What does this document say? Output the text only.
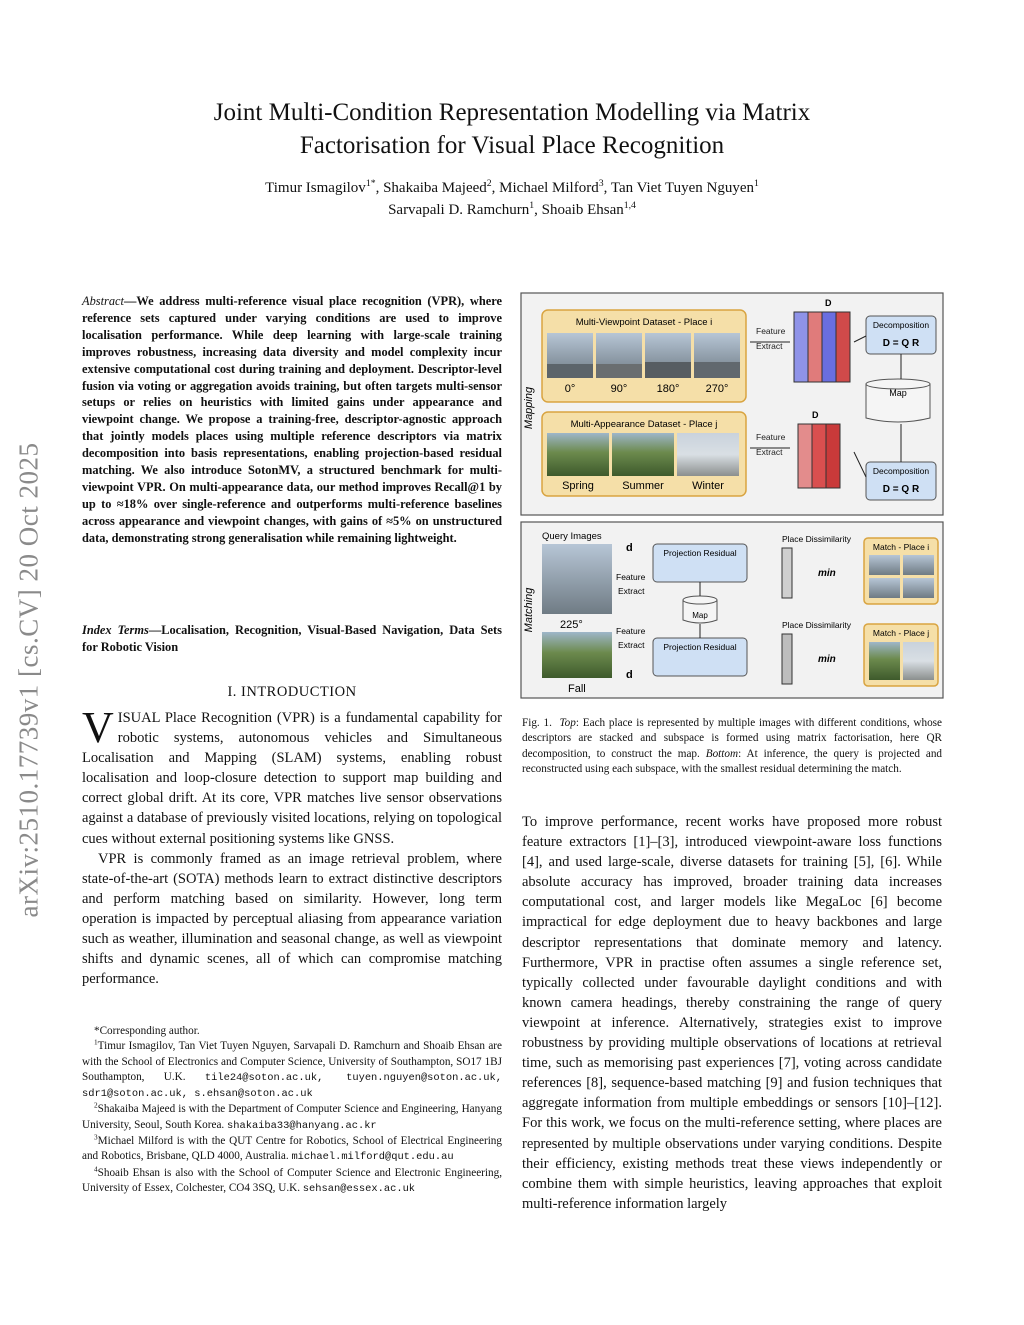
arXiv:2510.17739v1 [cs.CV] 20 Oct 2025
Joint Multi-Condition Representation Modelling via Matrix
Factorisation for Visual Place Recognition
Timur Ismagilov$^{1*}$, Shakaiba Majeed$^2$, Michael Milford$^3$, Tan Viet Tuyen Nguyen$^1$
Sarvapali D. Ramchurn$^1$, Shoaib Ehsan$^{1,4}$
Abstract—We address multi-reference visual place recognition (VPR), where reference sets captured under varying conditions are used to improve localisation performance. While deep learning with large-scale training improves robustness, increasing data diversity and model complexity incur extensive computational cost during training and deployment. Descriptor-level fusion via voting or aggregation avoids training, but often targets multi-sensor setups or relies on heuristics with limited gains under appearance and viewpoint change. We propose a training-free, descriptor-agnostic approach that jointly models places using multiple reference descriptors via matrix decomposition into basis representations, enabling projection-based residual matching. We also introduce SotonMV, a structured benchmark for multi-viewpoint VPR. On multi-appearance data, our method improves Recall@1 by up to ≈18% over single-reference and outperforms multi-reference baselines across appearance and viewpoint changes, with gains of ≈5% on unstructured data, demonstrating strong generalisation while remaining lightweight.
Index Terms—Localisation, Recognition, Visual-Based Navigation, Data Sets for Robotic Vision
I. INTRODUCTION

VISUAL Place Recognition (VPR) is a fundamental capability for robotic systems, autonomous vehicles and Simultaneous Localisation and Mapping (SLAM) systems, enabling robust localisation and loop-closure detection to support map building and correct global drift. At its core, VPR matches live sensor observations against a database of previously visited locations, relying on topological cues without external positioning systems like GNSS.

VPR is commonly framed as an image retrieval problem, where state-of-the-art (SOTA) methods learn to extract distinctive descriptors and perform matching based on similarity. However, long term operation is impacted by perceptual aliasing from appearance variation such as weather, illumination and seasonal change, as well as viewpoint shifts and dynamic scenes, all of which can compromise matching performance.

*Corresponding author.

$^1$Timur Ismagilov, Tan Viet Tuyen Nguyen, Sarvapali D. Ramchurn and Shoaib Ehsan are with the School of Electronics and Computer Science, University of Southampton, SO17 1BJ Southampton, U.K. tile24@soton.ac.uk, tuyen.nguyen@soton.ac.uk, sdr1@soton.ac.uk, s.ehsan@soton.ac.uk

$^2$Shakaiba Majeed is with the Department of Computer Science and Engineering, Hanyang University, Seoul, South Korea. shakaiba33@hanyang.ac.kr

$^3$Michael Milford is with the QUT Centre for Robotics, School of Electrical Engineering and Robotics, Brisbane, QLD 4000, Australia. michael.milford@qut.edu.au

$^4$Shoaib Ehsan is also with the School of Computer Science and Electronic Engineering, University of Essex, Colchester, CO4 3SQ, U.K. sehsan@essex.ac.uk

Mapping
Multi-Viewpoint Dataset - Place i
0°	90°	180° 270°
Multi-Appearance Dataset - Place j
Spring	Summer	Winter
Feature
Extract
Feature
Extract
D
D
Decomposition
D = Q R
Map
Decomposition
D = Q R
Matching
Query Images
225°
Fall
Feature
Extract
Feature
Extract
d
d
Projection Residual
Projection Residual
Map
Place Dissimilarity
Place Dissimilarity
min
min
Match - Place i
Match - Place j
Fig. 1. Top: Each place is represented by multiple images with different conditions, whose descriptors are stacked and subspace is formed using matrix factorisation, here QR decomposition, to construct the map. Bottom: At inference, the query is projected and reconstructed using each subspace, with the smallest residual determining the match.

To improve performance, recent works have proposed more robust feature extractors [1]–[3], introduced viewpoint-aware loss functions [4], and used large-scale, diverse datasets for training [5], [6]. While absolute accuracy has improved, broader training data increases computational cost, and larger models like MegaLoc [6] become impractical for edge deployment due to heavy backbones and large descriptor representations that dominate memory and latency. Furthermore, VPR in practise often assumes a single reference set, typically collected under favourable daylight conditions and with known camera headings, thereby constraining the range of query viewpoint at inference. Alternatively, strategies exist to improve robustness by providing multiple observations of locations at retrieval time, such as memorising past experiences [7], voting across candidate references [8], sequence-based matching [9] and fusion techniques that aggregate information from multiple embeddings or sensors [10]–[12]. For this work, we focus on the multi-reference setting, where places are represented by multiple observations under varying conditions. Despite their efficiency, existing methods treat these views independently or combine them with simple heuristics, leaving approaches that exploit multi-reference information largely
